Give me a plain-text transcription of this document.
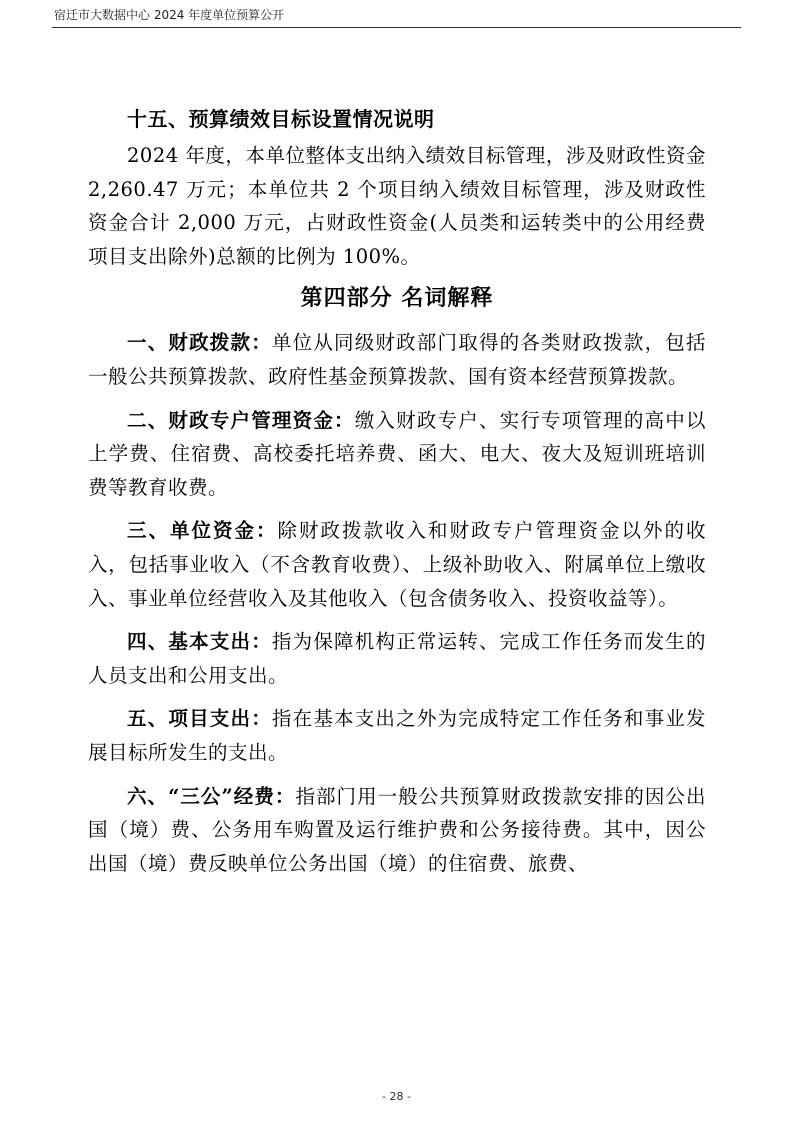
宿迁市大数据中心 2024 年度单位预算公开

十五、预算绩效目标设置情况说明

2024 年度，本单位整体支出纳入绩效目标管理，涉及财政性资金 2,260.47 万元；本单位共 2 个项目纳入绩效目标管理，涉及财政性资金合计 2,000 万元，占财政性资金(人员类和运转类中的公用经费项目支出除外)总额的比例为 100%。

第四部分 名词解释

一、财政拨款：单位从同级财政部门取得的各类财政拨款，包括一般公共预算拨款、政府性基金预算拨款、国有资本经营预算拨款。

二、财政专户管理资金：缴入财政专户、实行专项管理的高中以上学费、住宿费、高校委托培养费、函大、电大、夜大及短训班培训费等教育收费。

三、单位资金：除财政拨款收入和财政专户管理资金以外的收入，包括事业收入（不含教育收费）、上级补助收入、附属单位上缴收入、事业单位经营收入及其他收入（包含债务收入、投资收益等）。

四、基本支出：指为保障机构正常运转、完成工作任务而发生的人员支出和公用支出。

五、项目支出：指在基本支出之外为完成特定工作任务和事业发展目标所发生的支出。

六、“三公”经费：指部门用一般公共预算财政拨款安排的因公出国（境）费、公务用车购置及运行维护费和公务接待费。其中，因公出国（境）费反映单位公务出国（境）的住宿费、旅费、

- 28 -
